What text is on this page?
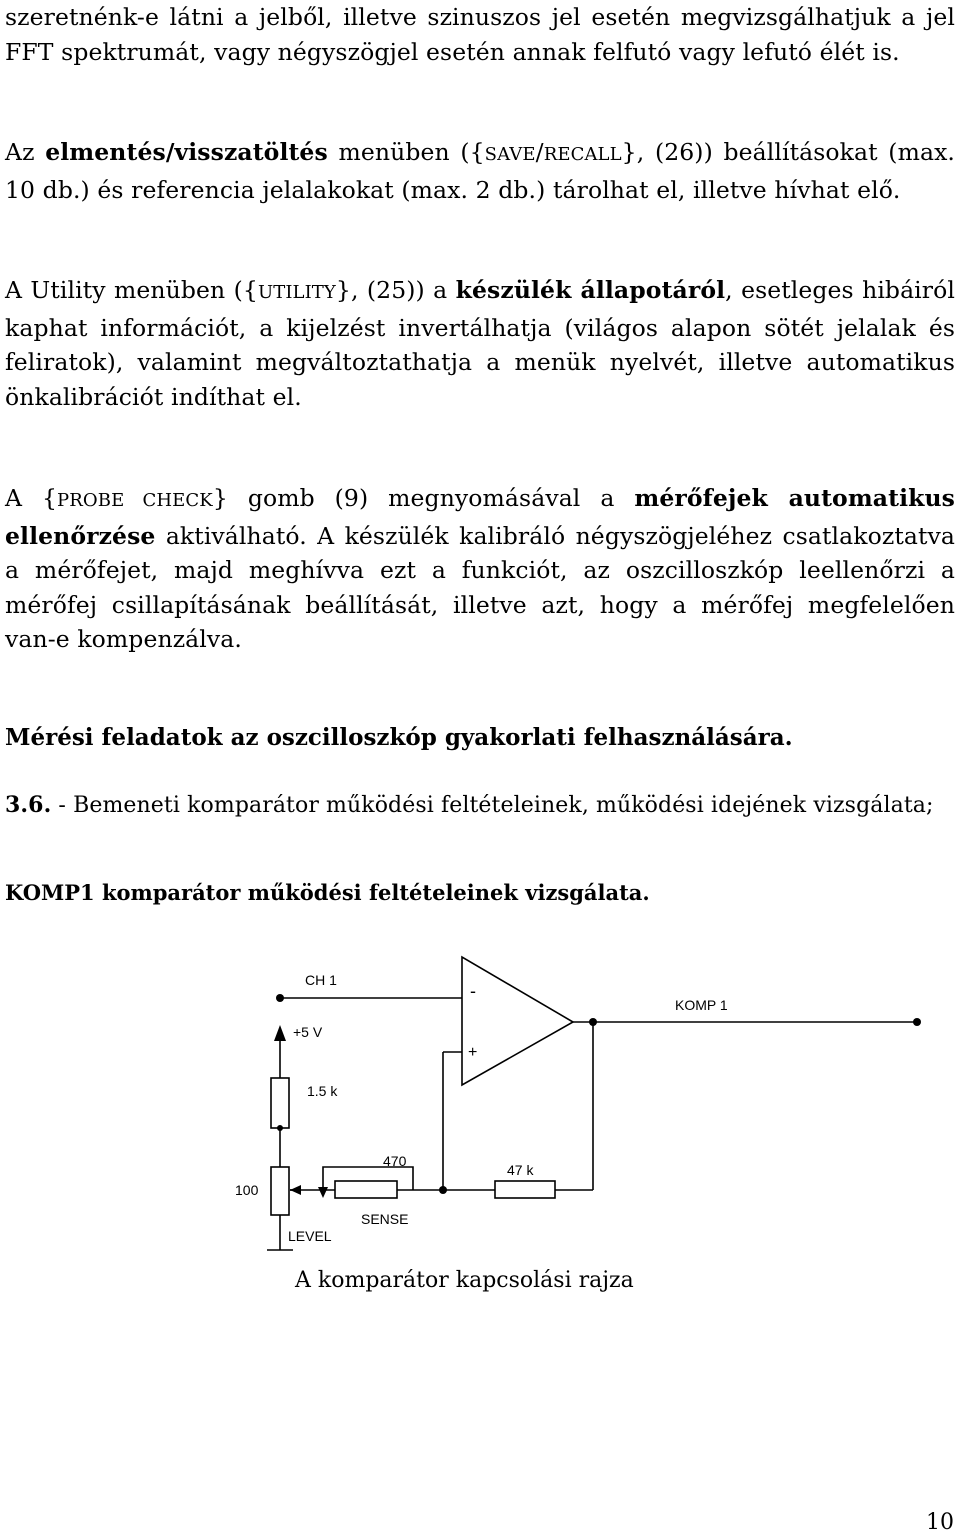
szeretnénk-e látni a jelből, illetve szinuszos jel esetén megvizsgálhatjuk a jel FFT spektrumát, vagy négyszögjel esetén annak felfutó vagy lefutó élét is.

Az elmentés/visszatöltés menüben ({SAVE/RECALL}, (26)) beállításokat (max. 10 db.) és referencia jelalakokat (max. 2 db.) tárolhat el, illetve hívhat elő.

A Utility menüben ({UTILITY}, (25)) a készülék állapotáról, esetleges hibáiról kaphat információt, a kijelzést invertálhatja (világos alapon sötét jelalak és feliratok), valamint megváltoztathatja a menük nyelvét, illetve automatikus önkalibrációt indíthat el.

A {PROBE CHECK} gomb (9) megnyomásával a mérőfejek automatikus ellenőrzése aktiválható. A készülék kalibráló négyszögjeléhez csatlakoztatva a mérőfejet, majd meghívva ezt a funkciót, az oszcilloszkóp leellenőrzi a mérőfej csillapításának beállítását, illetve azt, hogy a mérőfej megfelelően van-e kompenzálva.

Mérési feladatok az oszcilloszkóp gyakorlati felhasználására.

3.6. - Bemeneti komparátor működési feltételeinek, működési idejének vizsgálata;

KOMP1 komparátor működési feltételeinek vizsgálata.

CH 1
-
+
KOMP 1
+5 V
1.5 k
470
47 k
100
SENSE
LEVEL

A komparátor kapcsolási rajza

10
